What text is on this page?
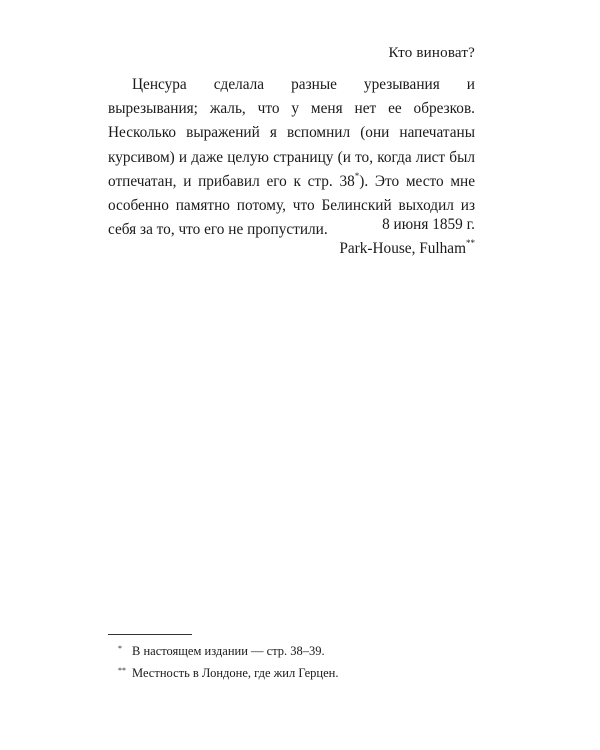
Кто виноват?

Ценсура сделала разные урезывания и вырезывания; жаль, что у меня нет ее обрезков. Несколько выражений я вспомнил (они напечатаны курсивом) и даже целую страницу (и то, когда лист был отпечатан, и прибавил его к стр. 38*). Это место мне особенно памятно потому, что Белинский выходил из себя за то, что его не пропустили.	8 июня 1859 г.
Park-House, Fulham**
* В настоящем издании — стр. 38–39.
** Местность в Лондоне, где жил Герцен.
